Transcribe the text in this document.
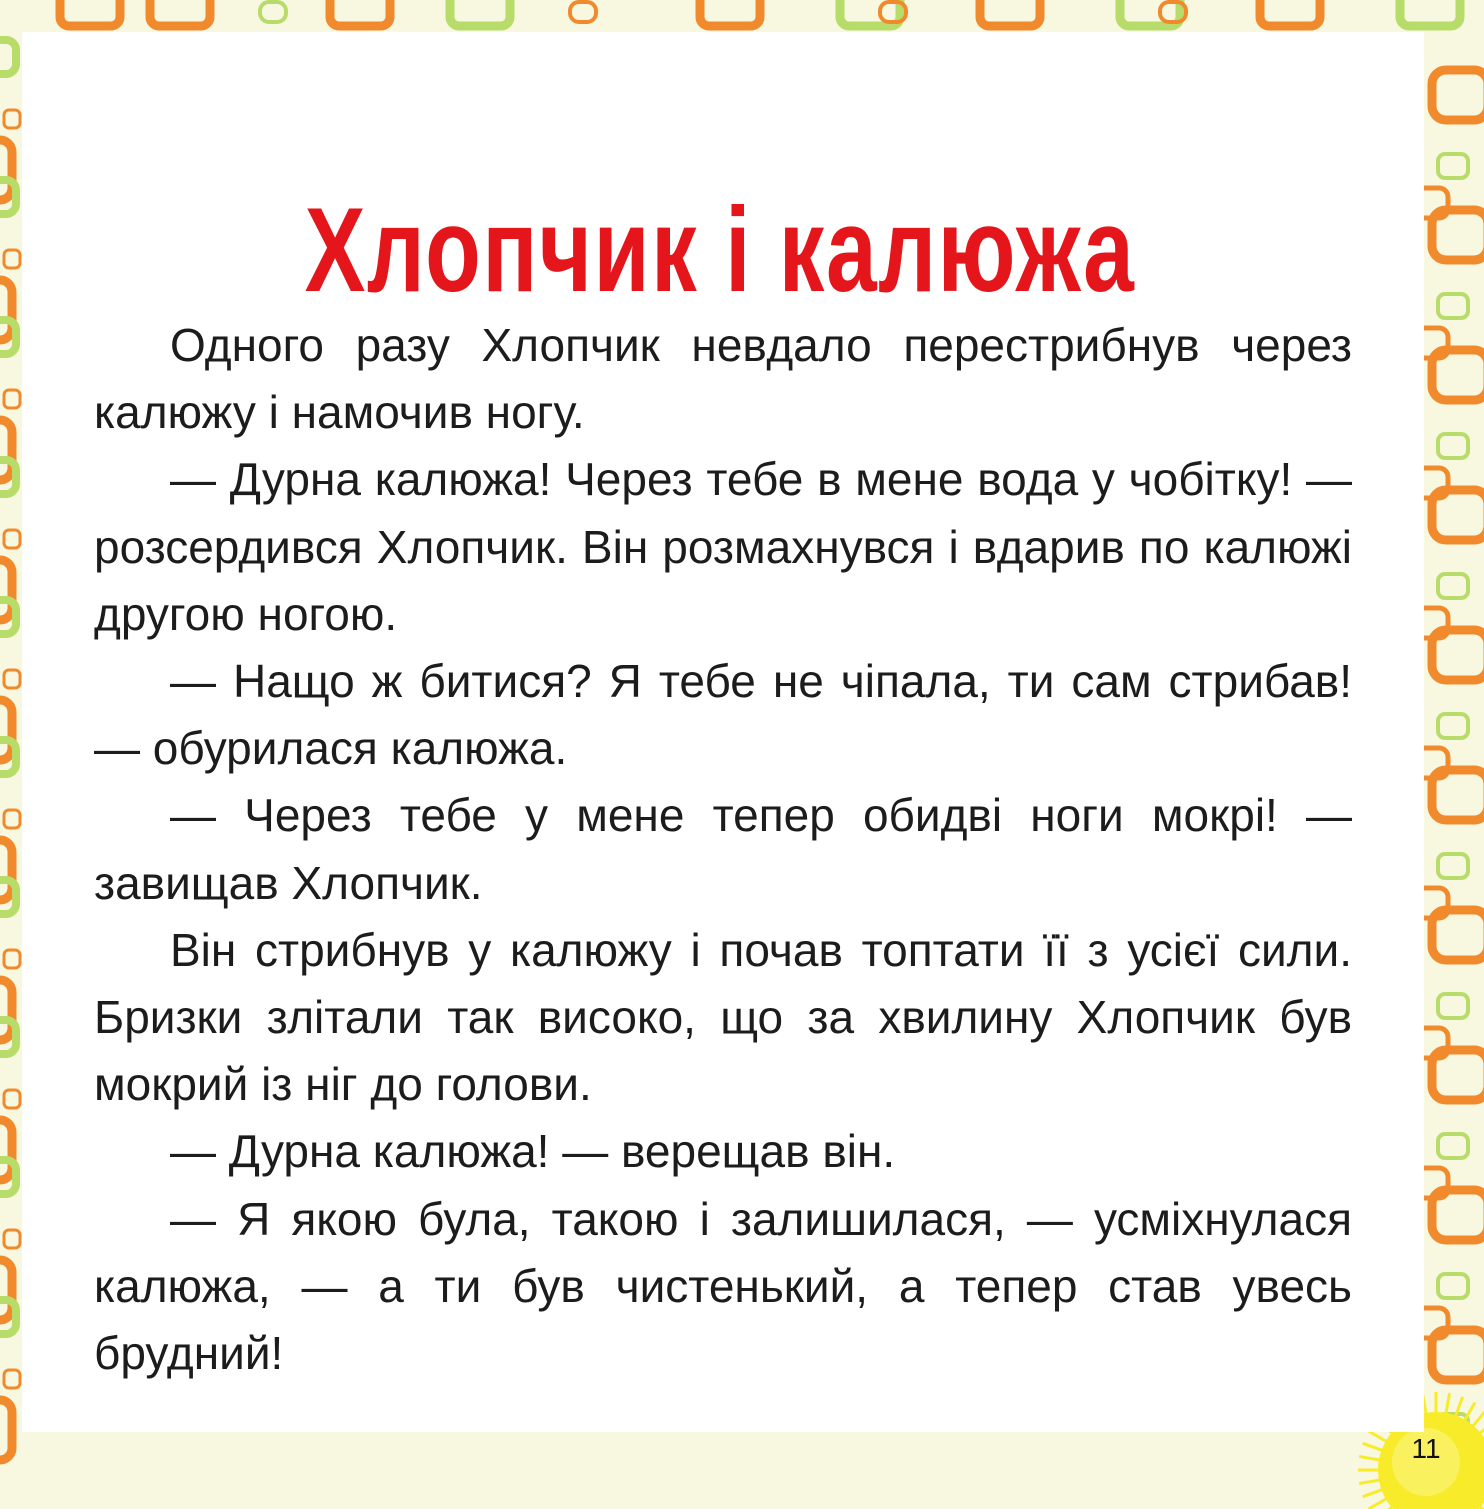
Хлопчик і калюжа

Одного разу Хлопчик невдало перестрибнув через калюжу і намочив ногу.

— Дурна калюжа! Через тебе в мене вода у чобітку! — розсердився Хлопчик. Він розмахнувся і вдарив по калюжі другою ногою.

— Нащо ж битися? Я тебе не чіпала, ти сам стрибав! — обурилася калюжа.

— Через тебе у мене тепер обидві ноги мокрі! — завищав Хлопчик.

Він стрибнув у калюжу і почав топтати її з усієї сили. Бризки злітали так високо, що за хвилину Хлопчик був мокрий із ніг до голови.

— Дурна калюжа! — верещав він.

— Я якою була, такою і залишилася, — усміхнулася калюжа, — а ти був чистенький, а тепер став увесь брудний!

11
